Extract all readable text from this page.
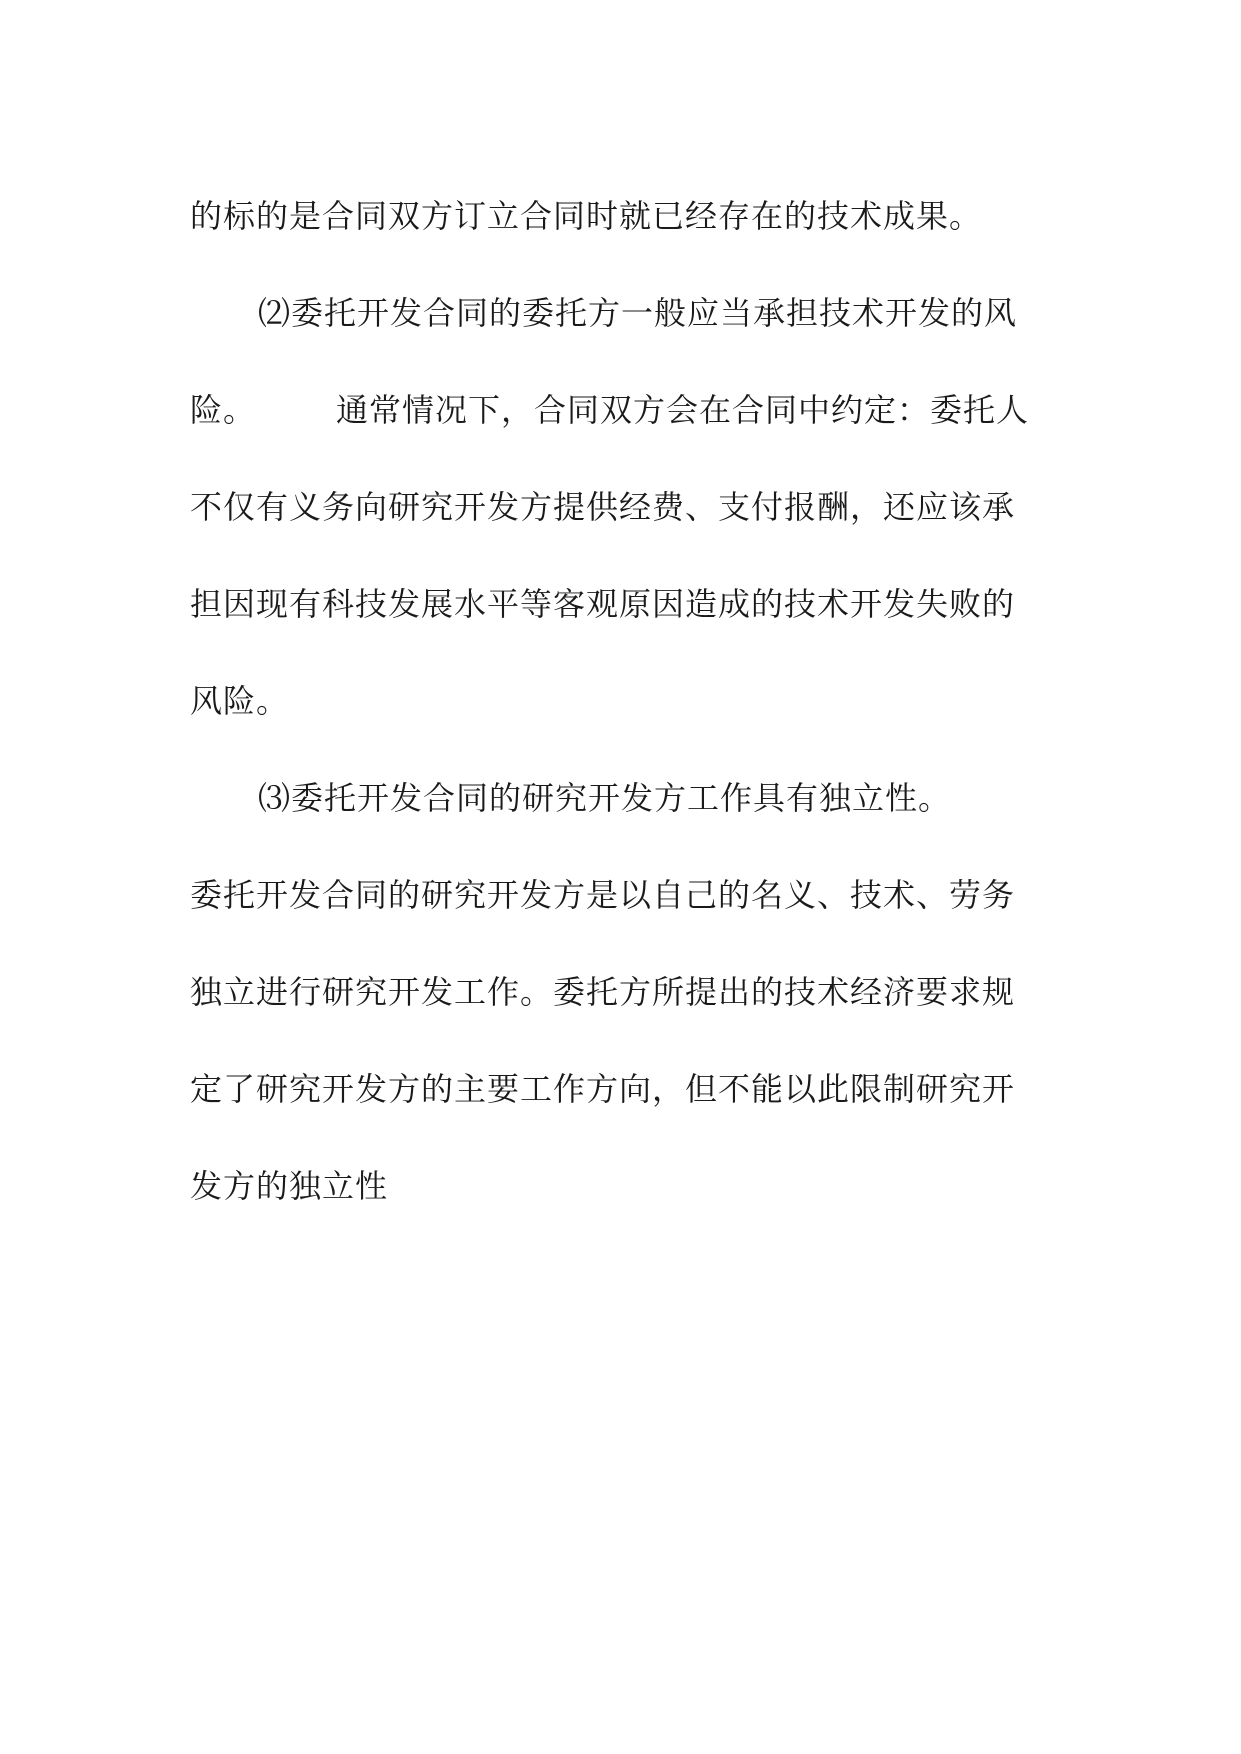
的标的是合同双方订立合同时就已经存在的技术成果。
⑵委托开发合同的委托方一般应当承担技术开发的风
险。	通常情况下，合同双方会在合同中约定：委托人
不仅有义务向研究开发方提供经费、支付报酬，还应该承
担因现有科技发展水平等客观原因造成的技术开发失败的
风险。
⑶委托开发合同的研究开发方工作具有独立性。
委托开发合同的研究开发方是以自己的名义、技术、劳务
独立进行研究开发工作。委托方所提出的技术经济要求规
定了研究开发方的主要工作方向，但不能以此限制研究开
发方的独立性
